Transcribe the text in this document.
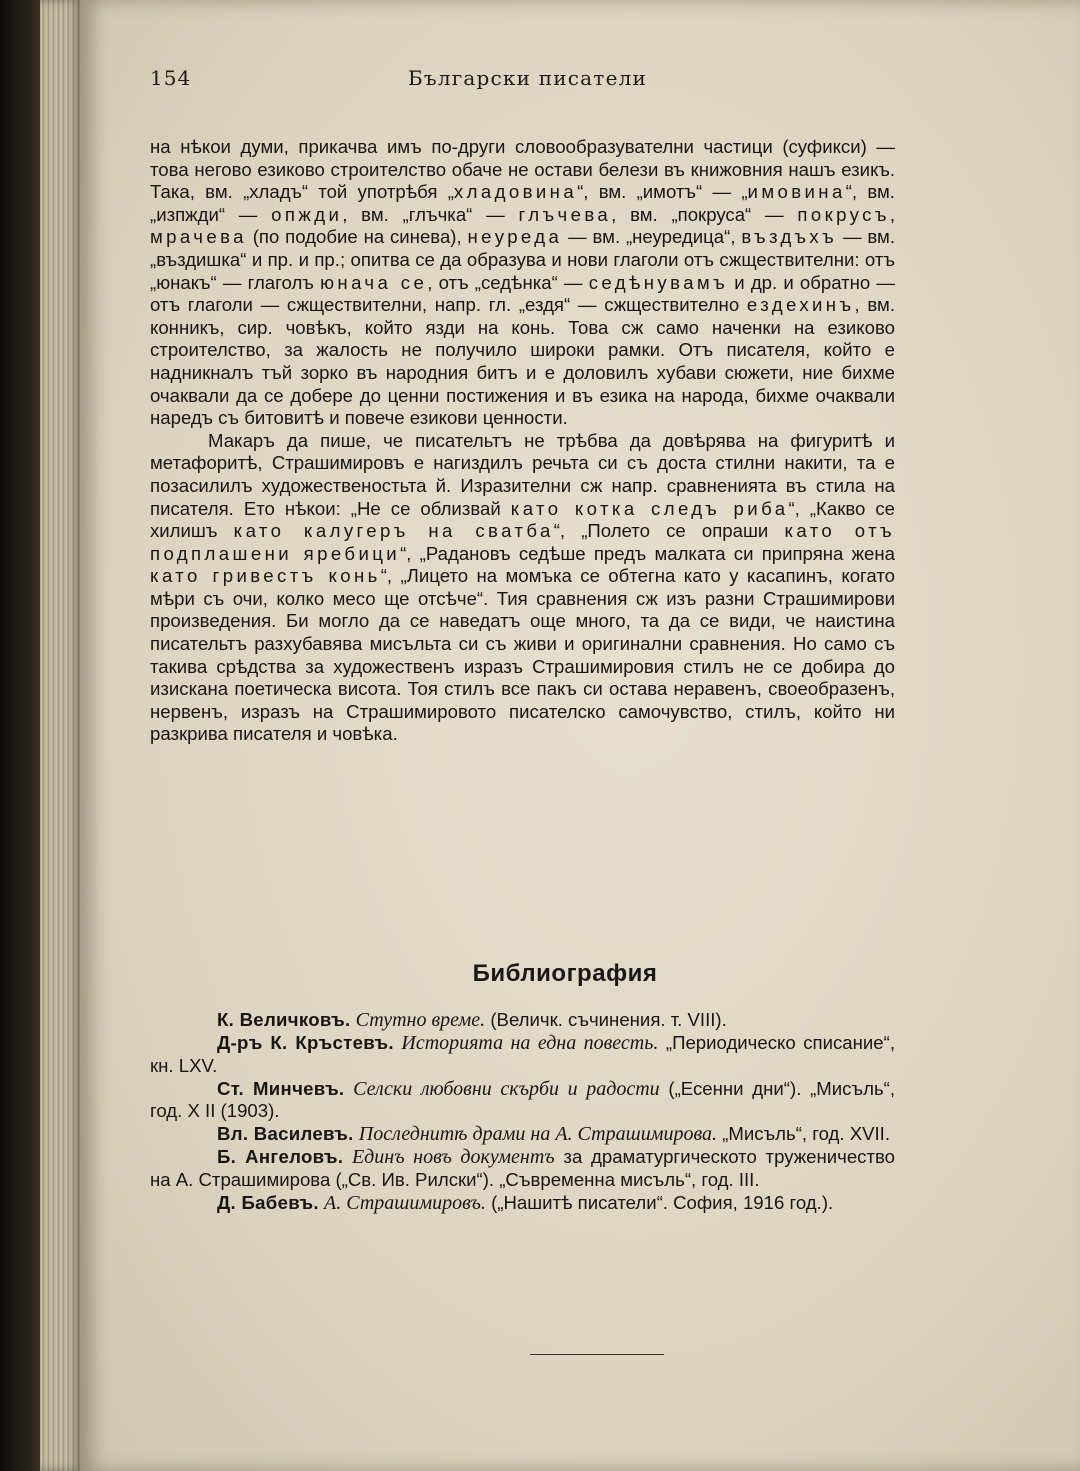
154	Български писатели

на нѣкои думи, прикачва имъ по-други словообразувателни частици (суфикси) — това негово езиково строителство обаче не остави белези въ книжовния нашъ езикъ. Така, вм. „хладъ“ той употрѣбя „хладовина“, вм. „имотъ“ — „имовина“, вм. „изпжди“ — опжди, вм. „глъчка“ — глъчева, вм. „покруса“ — покрусъ, мрачева (по подобие на синева), неуреда — вм. „неуредица“, въздъхъ — вм. „въздишка“ и пр. и пр.; опитва се да образува и нови глаголи отъ сжществителни: отъ „юнакъ“ — глаголъ юнача се, отъ „седѣнка“ — седѣнувамъ и др. и обратно — отъ глаголи — сжществителни, напр. гл. „ездя“ — сжществително ездехинъ, вм. конникъ, сир. човѣкъ, който язди на конь. Това сж само наченки на езиково строителство, за жалость не получило широки рамки. Отъ писателя, който е надникналъ тъй зорко въ народния битъ и е доловилъ хубави сюжети, ние бихме очаквали да се добере до ценни постижения и въ езика на народа, бихме очаквали наредъ съ битовитѣ и повече езикови ценности.

Макаръ да пише, че писательтъ не трѣбва да довѣрява на фигуритѣ и метафоритѣ, Страшимировъ е нагиздилъ речьта си съ доста стилни накити, та е позасилилъ художественостьта й. Изразителни сж напр. сравненията въ стила на писателя. Ето нѣкои: „Не се облизвай като котка следъ риба“, „Какво се хилишъ като калугеръ на сватба“, „Полето се опраши като отъ подплашени яребици“, „Радановъ седѣше предъ малката си припряна жена като гривестъ конь“, „Лицето на момъка се обтегна като у касапинъ, когато мѣри съ очи, колко месо ще отсѣче“. Тия сравнения сж изъ разни Страшимирови произведения. Би могло да се наведатъ още много, та да се види, че наистина писательтъ разхубавява мисъльта си съ живи и оригинални сравнения. Но само съ такива срѣдства за художественъ изразъ Страшимировия стилъ не се добира до изискана поетическа висота. Тоя стилъ все пакъ си остава неравенъ, своеобразенъ, нервенъ, изразъ на Страшимировото писателско самочувство, стилъ, който ни разкрива писателя и човѣка.

Библиография

К. Величковъ. Стутно време. (Величк. съчинения. т. VIII).

Д-ръ К. Кръстевъ. Историята на една повесть. „Периодическо списание“, кн. LXV.

Ст. Минчевъ. Селски любовни скърби и радости („Есенни дни“). „Мисъль“, год. X II (1903).

Вл. Василевъ. Последнитѣ драми на А. Страшимирова. „Мисъль“, год. XVII.

Б. Ангеловъ. Единъ новъ документъ за драматургическото труженичество на А. Страшимирова („Св. Ив. Рилски“). „Съвременна мисъль“, год. III.

Д. Бабевъ. А. Страшимировъ. („Нашитѣ писатели“. София, 1916 год.).
